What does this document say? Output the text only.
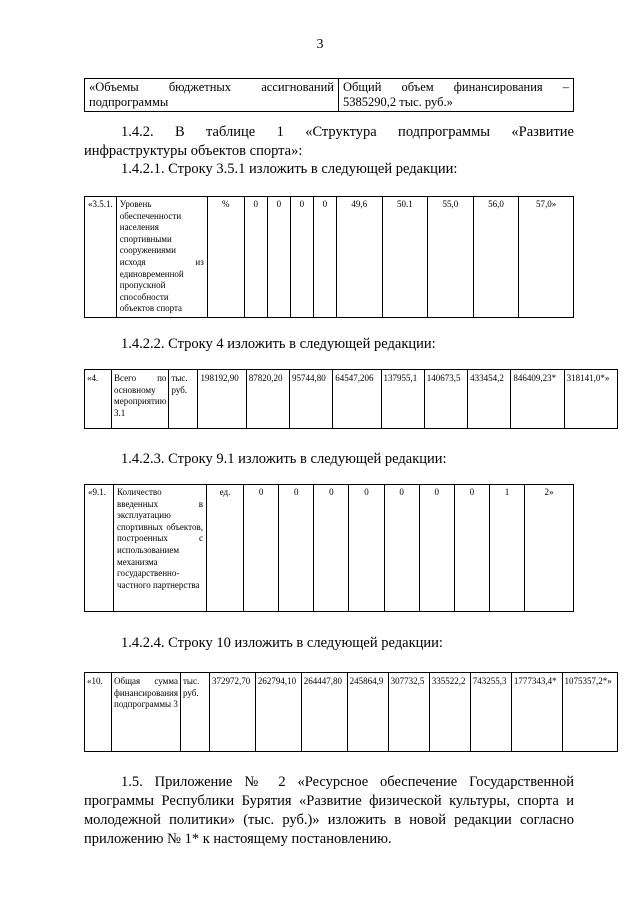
3
«Объемы бюджетных ассигнований подпрограммы	Общий объем финансирования – 5385290,2 тыс. руб.»

1.4.2. В таблице 1 «Структура подпрограммы «Развитие инфраструктуры объектов спорта»:

1.4.2.1. Строку 3.5.1 изложить в следующей редакции:

«3.5.1.	Уровень обеспеченности населения спортивными сооружениями исходя из единовременной пропускной способности объектов спорта	%	0	0	0	0	49,6	50.1	55,0	56,0	57,0»

1.4.2.2. Строку 4 изложить в следующей редакции:

«4.	Всего по основному мероприятию 3.1	тыс. руб.	198192,90	87820,20	95744,80	64547,206	137955,1	140673,5	433454,2	846409,23*	318141,0*»

1.4.2.3. Строку 9.1 изложить в следующей редакции:

«9.1.	Количество введенных в эксплуатацию спортивных объектов, построенных с использованием механизма государственно-частного партнерства	ед.	0	0	0	0	0	0	0	1	2»

1.4.2.4. Строку 10 изложить в следующей редакции:

«10.	Общая сумма финансирования подпрограммы 3	тыс. руб.	372972,70	262794,10	264447,80	245864,9	307732,5	335522,2	743255,3	1777343,4*	1075357,2*»

1.5. Приложение № 2 «Ресурсное обеспечение Государственной программы Республики Бурятия «Развитие физической культуры, спорта и молодежной политики» (тыс. руб.)» изложить в новой редакции согласно приложению № 1* к настоящему постановлению.
